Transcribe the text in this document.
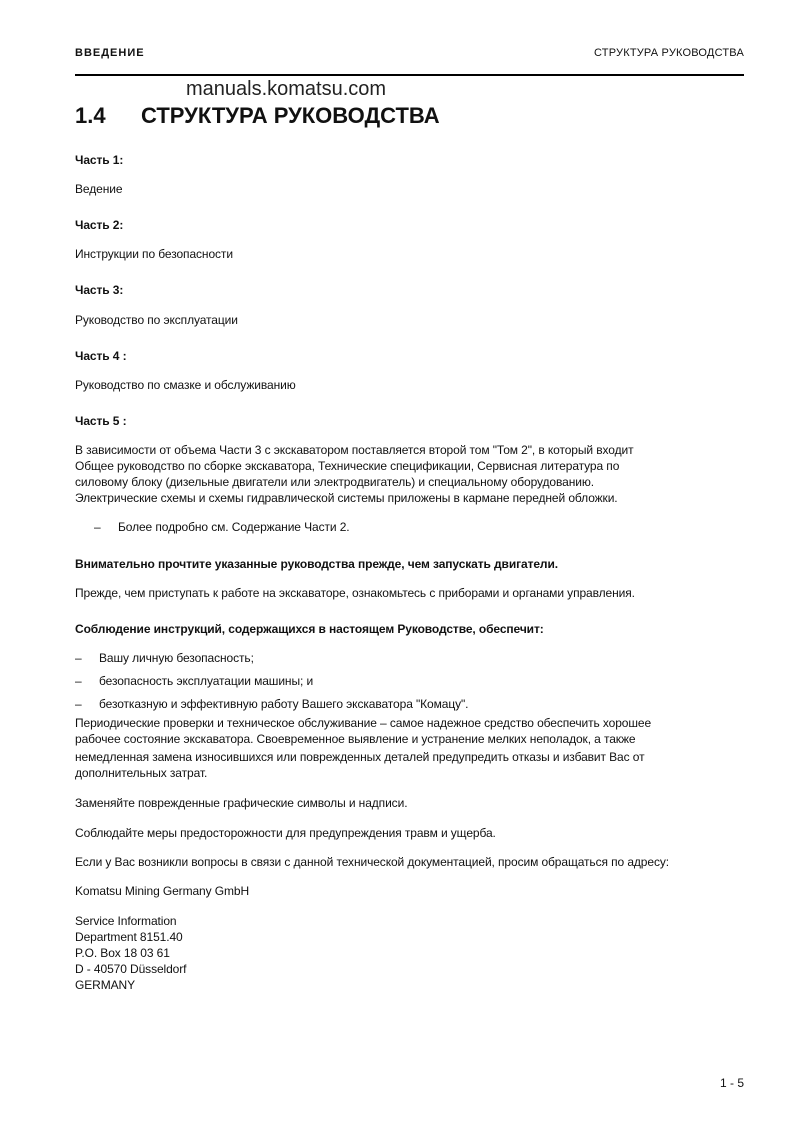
ВВЕДЕНИЕ	СТРУКТУРА РУКОВОДСТВА
manuals.komatsu.com
1.4 СТРУКТУРА РУКОВОДСТВА
Часть 1:
Ведение
Часть 2:
Инструкции по безопасности
Часть 3:
Руководство по эксплуатации
Часть 4 :
Руководство по смазке и обслуживанию
Часть 5 :
В зависимости от объема Части 3 с экскаватором поставляется второй том "Том 2", в который входит
Общее руководство по сборке экскаватора, Технические спецификации, Сервисная литература по
силовому блоку (дизельные двигатели или электродвигатель) и специальному оборудованию.
Электрические схемы и схемы гидравлической системы приложены в кармане передней обложки.
– Более подробно см. Содержание Части 2.
Внимательно прочтите указанные руководства прежде, чем запускать двигатели.
Прежде, чем приступать к работе на экскаваторе, ознакомьтесь с приборами и органами управления.
Соблюдение инструкций, содержащихся в настоящем Руководстве, обеспечит:
– Вашу личную безопасность;
– безопасность эксплуатации машины; и
– безотказную и эффективную работу Вашего экскаватора "Комацу".
Периодические проверки и техническое обслуживание – самое надежное средство обеспечить хорошее
рабочее состояние экскаватора. Своевременное выявление и устранение мелких неполадок, а также
немедленная замена износившихся или поврежденных деталей предупредить отказы и избавит Вас от
дополнительных затрат.
Заменяйте поврежденные графические символы и надписи.
Соблюдайте меры предосторожности для предупреждения травм и ущерба.
Если у Вас возникли вопросы в связи с данной технической документацией, просим обращаться по адресу:
Komatsu Mining Germany GmbH
Service Information
Department 8151.40
P.O. Box 18 03 61
D - 40570 Düsseldorf
GERMANY
1 - 5
